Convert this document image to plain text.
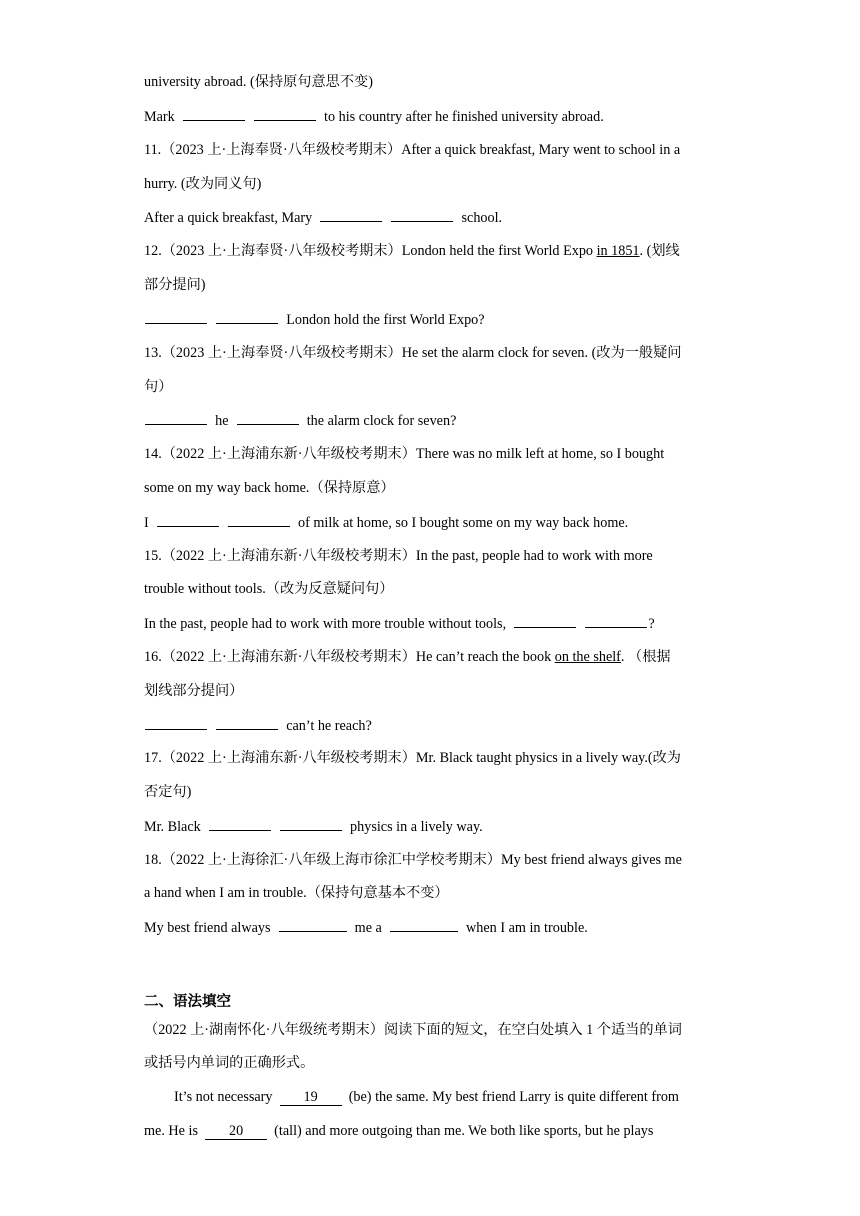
university abroad. (保持原句意思不变)
Mark	to his country after he finished university abroad.
11.（2023 上·上海奉贤·八年级校考期末）After a quick breakfast, Mary went to school in a
hurry. (改为同义句)
After a quick breakfast, Mary	school.
12.（2023 上·上海奉贤·八年级校考期末）London held the first World Expo in 1851. (划线
部分提问)
London hold the first World Expo?
13.（2023 上·上海奉贤·八年级校考期末）He set the alarm clock for seven. (改为一般疑问
句）
he	the alarm clock for seven?
14.（2022 上·上海浦东新·八年级校考期末）There was no milk left at home, so I bought
some on my way back home.（保持原意）
I	of milk at home, so I bought some on my way back home.
15.（2022 上·上海浦东新·八年级校考期末）In the past, people had to work with more
trouble without tools.（改为反意疑问句）
In the past, people had to work with more trouble without tools,	?
16.（2022 上·上海浦东新·八年级校考期末）He can’t reach the book on the shelf. （根据
划线部分提问）
can’t he reach?
17.（2022 上·上海浦东新·八年级校考期末）Mr. Black taught physics in a lively way.(改为
否定句)
Mr. Black	physics in a lively way.
18.（2022 上·上海徐汇·八年级上海市徐汇中学校考期末）My best friend always gives me
a hand when I am in trouble.（保持句意基本不变）
My best friend always	me a	when I am in trouble.
二、语法填空
（2022 上·湖南怀化·八年级统考期末）阅读下面的短文，在空白处填入 1 个适当的单词
或括号内单词的正确形式。
It’s not necessary 19 (be) the same. My best friend Larry is quite different from
me. He is 20 (tall) and more outgoing than me. We both like sports, but he plays
